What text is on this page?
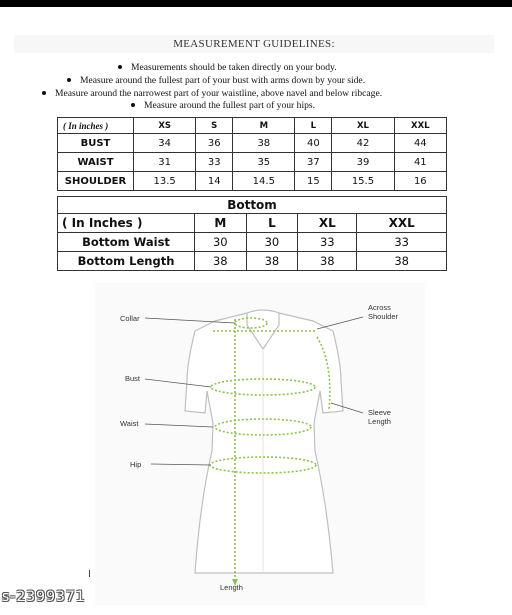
MEASUREMENT GUIDELINES:
Measurements should be taken directly on your body.
Measure around the fullest part of your bust with arms down by your side.
Measure around the narrowest part of your waistline, above navel and below ribcage.
Measure around the fullest part of your hips.
( In inches )	XS	S	M	L	XL	XXL
BUST	34	36	38	40	42	44
WAIST	31	33	35	37	39	41
SHOULDER	13.5	14	14.5	15	15.5	16
Bottom				
( In Inches )	M	L	XL	XXL
Bottom Waist	30	30	33	33
Bottom Length	38	38	38	38
Collar
Across
Shoulder
Bust
Sleeve
Length
Waist
Hip
Length
s-2399371
